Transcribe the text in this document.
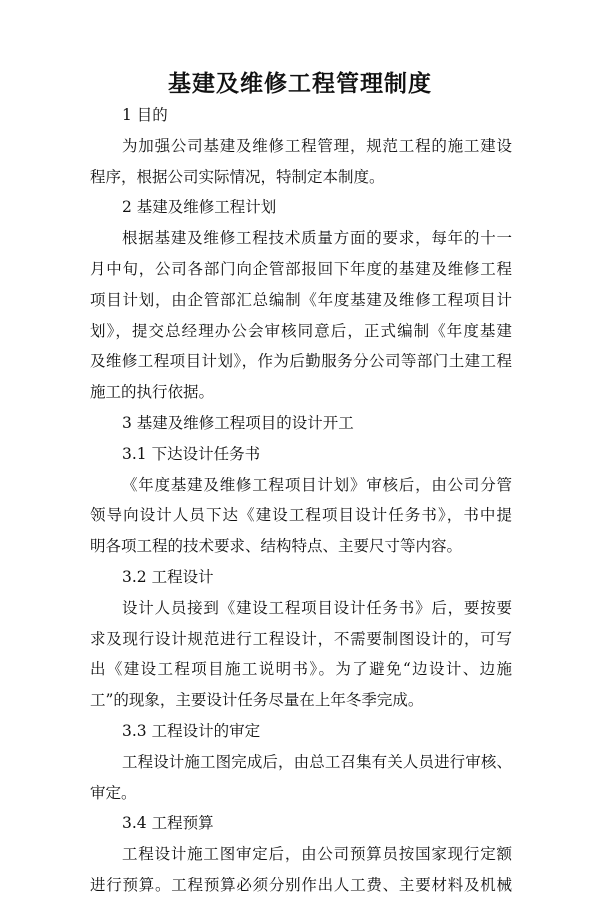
基建及维修工程管理制度
1 目的
为加强公司基建及维修工程管理，规范工程的施工建设
程序，根据公司实际情况，特制定本制度。
2 基建及维修工程计划
根据基建及维修工程技术质量方面的要求，每年的十一
月中旬，公司各部门向企管部报回下年度的基建及维修工程
项目计划，由企管部汇总编制《年度基建及维修工程项目计
划》，提交总经理办公会审核同意后，正式编制《年度基建
及维修工程项目计划》，作为后勤服务分公司等部门土建工程
施工的执行依据。
3 基建及维修工程项目的设计开工
3.1 下达设计任务书
《年度基建及维修工程项目计划》审核后，由公司分管
领导向设计人员下达《建设工程项目设计任务书》，书中提
明各项工程的技术要求、结构特点、主要尺寸等内容。
3.2 工程设计
设计人员接到《建设工程项目设计任务书》后，要按要
求及现行设计规范进行工程设计，不需要制图设计的，可写
出《建设工程项目施工说明书》。为了避免“边设计、边施
工”的现象，主要设计任务尽量在上年冬季完成。
3.3 工程设计的审定
工程设计施工图完成后，由总工召集有关人员进行审核、
审定。
3.4 工程预算
工程设计施工图审定后，由公司预算员按国家现行定额
进行预算。工程预算必须分别作出人工费、主要材料及机械
